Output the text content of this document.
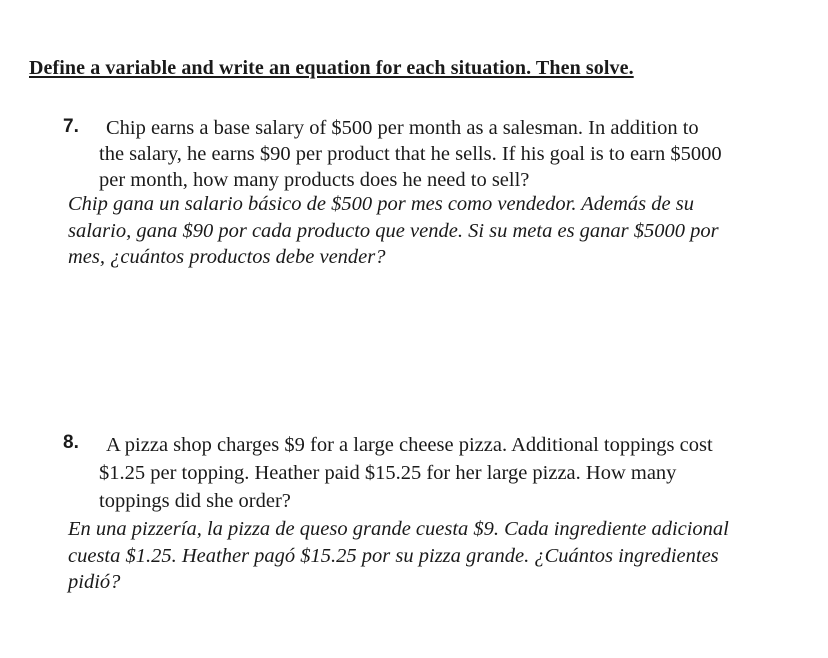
Define a variable and write an equation for each situation. Then solve.
7.	Chip earns a base salary of $500 per month as a salesman. In addition to
the salary, he earns $90 per product that he sells. If his goal is to earn $5000
per month, how many products does he need to sell?
Chip gana un salario básico de $500 por mes como vendedor. Además de su
salario, gana $90 por cada producto que vende. Si su meta es ganar $5000 por
mes, ¿cuántos productos debe vender?
8.	A pizza shop charges $9 for a large cheese pizza. Additional toppings cost
$1.25 per topping. Heather paid $15.25 for her large pizza. How many
toppings did she order?
En una pizzería, la pizza de queso grande cuesta $9. Cada ingrediente adicional
cuesta $1.25. Heather pagó $15.25 por su pizza grande. ¿Cuántos ingredientes
pidió?
